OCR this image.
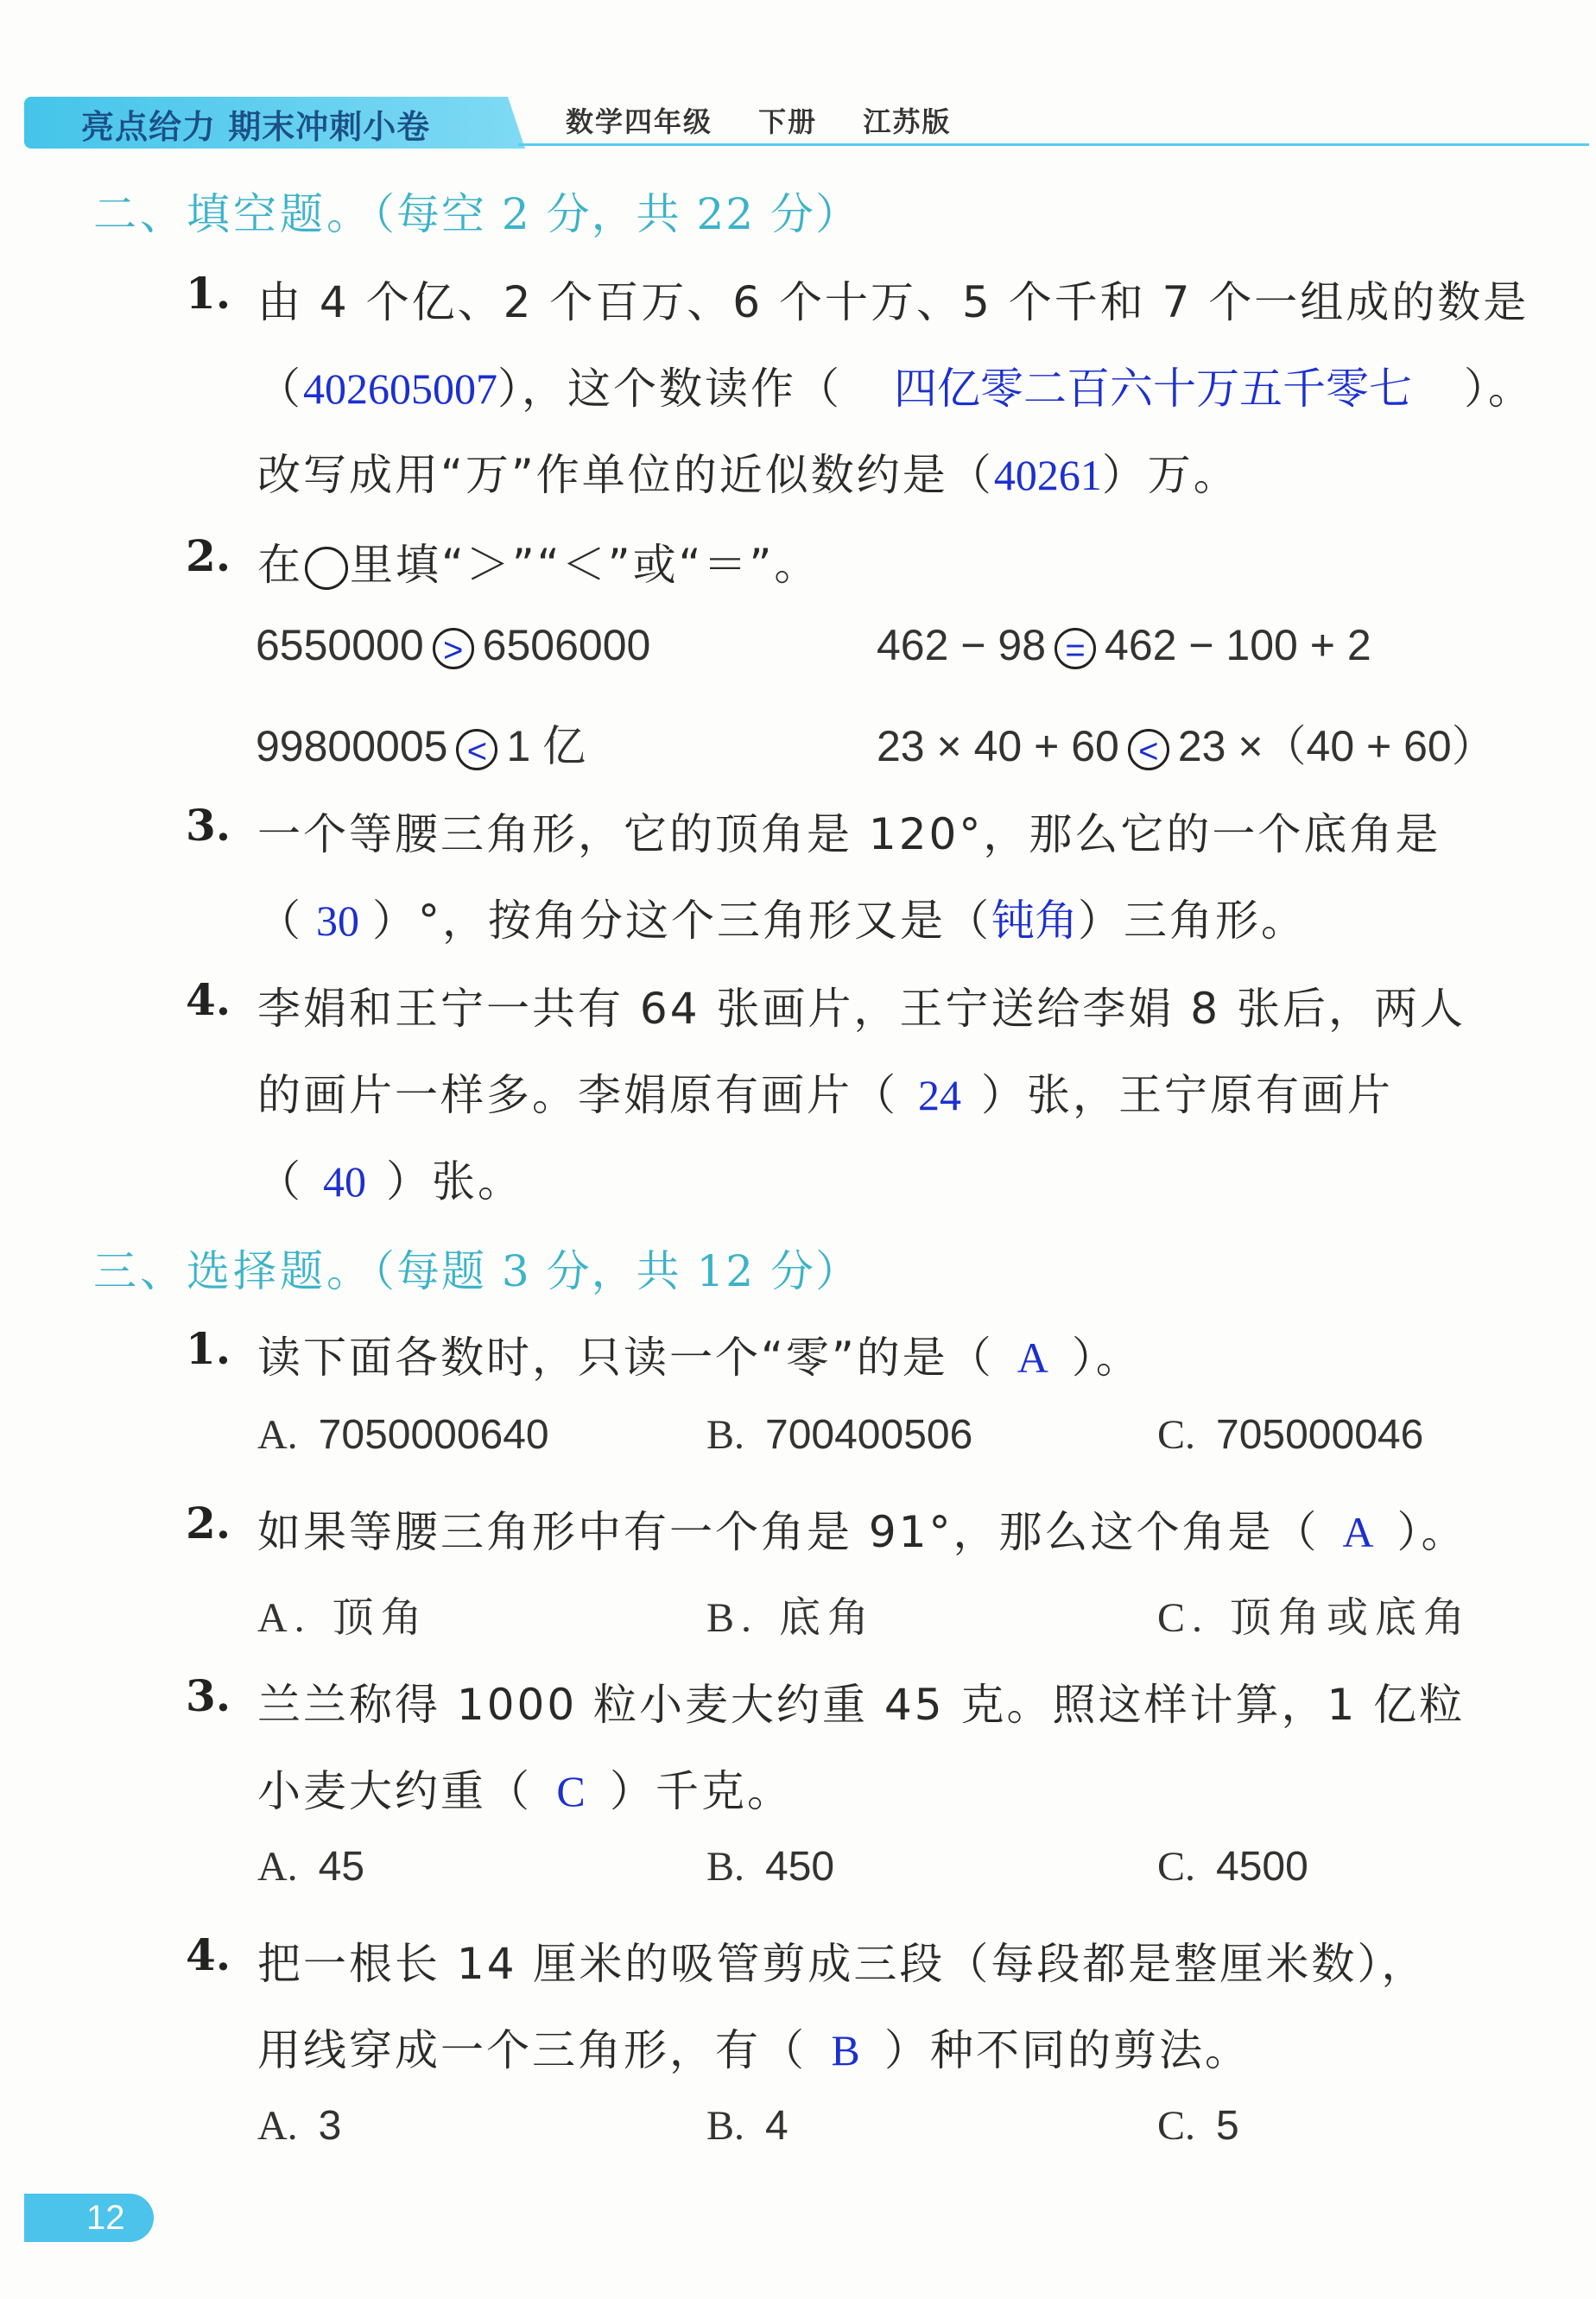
亮点给力 期末冲刺小卷	数学四年级 下册 江苏版
二、填空题。（每空 2 分，共 22 分）
1. 由 4 个亿、2 个百万、6 个十万、5 个千和 7 个一组成的数是
（402605007），这个数读作（ 四亿零二百六十万五千零七 ）。
改写成用“万”作单位的近似数约是（40261）万。
2. 在 里填“＞”“＜”或“＝”。
6550000 > 6506000	462 − 98 = 462 − 100 + 2
99800005 < 1 亿	23 × 40 + 60 < 23 ×（40 + 60）
3. 一个等腰三角形，它的顶角是 120°，那么它的一个底角是
（ 30 ）°，按角分这个三角形又是（钝角）三角形。
4. 李娟和王宁一共有 64 张画片，王宁送给李娟 8 张后，两人
的画片一样多。李娟原有画片（ 24 ）张，王宁原有画片
（ 40 ）张。
三、选择题。（每题 3 分，共 12 分）
1. 读下面各数时，只读一个“零”的是（ A ）。
A. 7050000640	B. 700400506	C. 705000046
2. 如果等腰三角形中有一个角是 91°，那么这个角是（ A ）。
A. 顶角	B. 底角	C. 顶角或底角
3. 兰兰称得 1000 粒小麦大约重 45 克。照这样计算，1 亿粒
小麦大约重（ C ）千克。
A. 45	B. 450	C. 4500
4. 把一根长 14 厘米的吸管剪成三段（每段都是整厘米数），
用线穿成一个三角形，有（ B ）种不同的剪法。
A. 3	B. 4	C. 5
12
